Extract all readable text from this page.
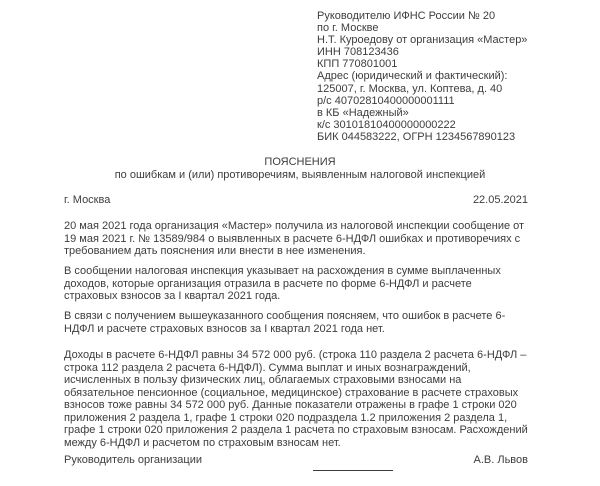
Руководителю ИФНС России № 20
по г. Москве
Н.Т. Куроедову от организация «Мастер»
ИНН 708123436
КПП 770801001
Адрес (юридический и фактический):
125007, г. Москва, ул. Коптева, д. 40
р/с 40702810400000001111
в КБ «Надежный»
к/с 30101810400000000222
БИК 044583222, ОГРН 1234567890123
ПОЯСНЕНИЯ
по ошибкам и (или) противоречиям, выявленным налоговой инспекцией
г. Москва	22.05.2021
20 мая 2021 года организация «Мастер» получила из налоговой инспекции сообщение от 19 мая 2021 г. № 13589/984 о выявленных в расчете 6-НДФЛ ошибках и противоречиях с требованием дать пояснения или внести в нее изменения.
В сообщении налоговая инспекция указывает на расхождения в сумме выплаченных доходов, которые организация отразила в расчете по форме 6-НДФЛ и расчете страховых взносов за I квартал 2021 года.
В связи с получением вышеуказанного сообщения поясняем, что ошибок в расчете 6-НДФЛ и расчете страховых взносов за I квартал 2021 года нет.
Доходы в расчете 6-НДФЛ равны 34 572 000 руб. (строка 110 раздела 2 расчета 6-НДФЛ – строка 112 раздела 2 расчета 6-НДФЛ). Сумма выплат и иных вознаграждений, исчисленных в пользу физических лиц, облагаемых страховыми взносами на обязательное пенсионное (социальное, медицинское) страхование в расчете страховых взносов тоже равны 34 572 000 руб. Данные показатели отражены в графе 1 строки 020 приложения 2 раздела 1, графе 1 строки 020 подраздела 1.2 приложения 2 раздела 1, графе 1 строки 020 приложения 2 раздела 1 расчета по страховым взносам. Расхождений между 6-НДФЛ и расчетом по страховым взносам нет.
Руководитель организации	А.В. Львов
